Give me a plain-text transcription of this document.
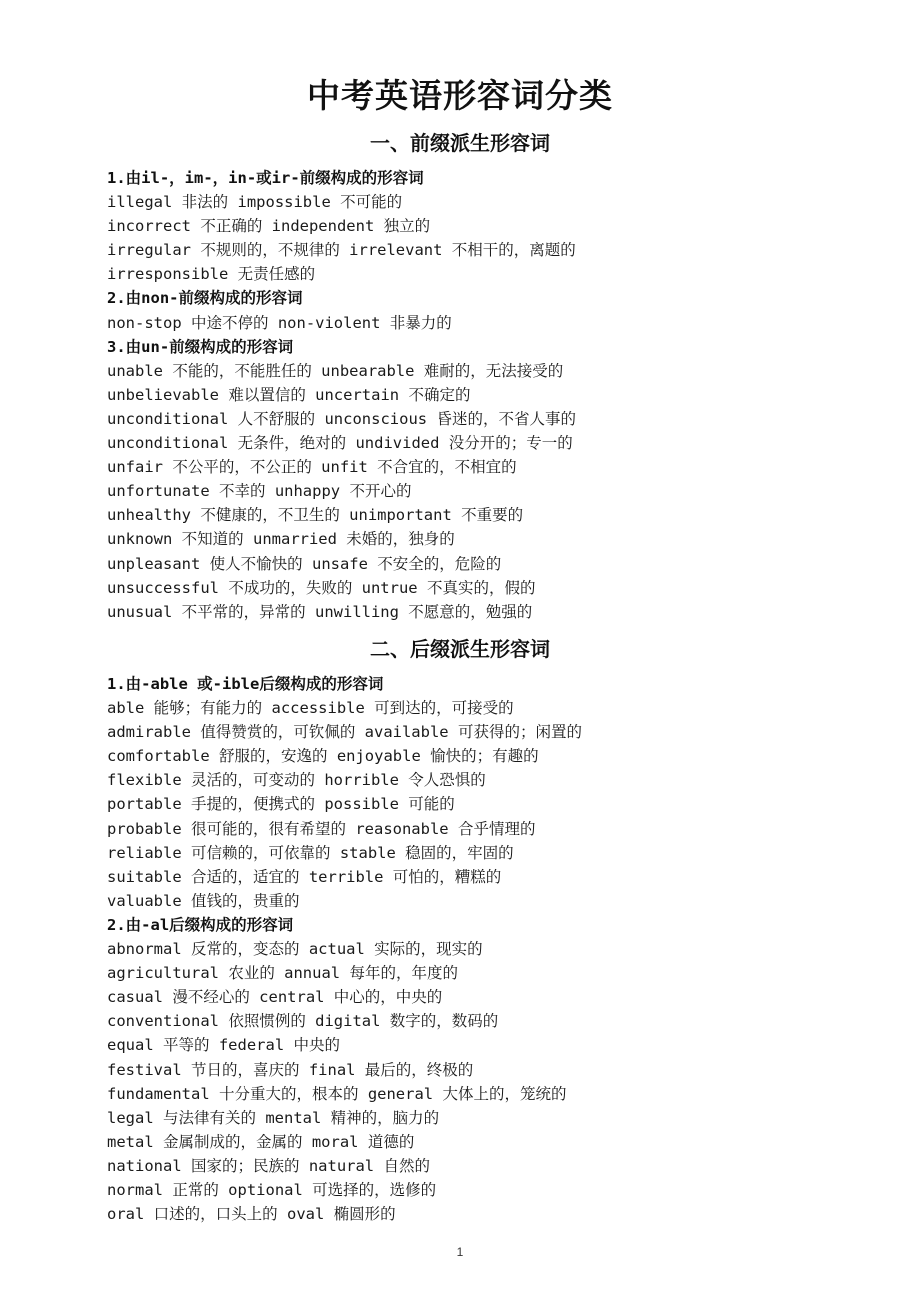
中考英语形容词分类
一、前缀派生形容词
1.由il-，im-，in-或ir-前缀构成的形容词
illegal 非法的 impossible 不可能的
incorrect 不正确的 independent 独立的
irregular 不规则的，不规律的 irrelevant 不相干的，离题的
irresponsible 无责任感的
2.由non-前缀构成的形容词
non-stop 中途不停的 non-violent 非暴力的
3.由un-前缀构成的形容词
unable 不能的，不能胜任的 unbearable 难耐的，无法接受的
unbelievable 难以置信的 uncertain 不确定的
unconditional 人不舒服的 unconscious 昏迷的，不省人事的
unconditional 无条件，绝对的 undivided 没分开的；专一的
unfair 不公平的，不公正的 unfit 不合宜的，不相宜的
unfortunate 不幸的 unhappy 不开心的
unhealthy 不健康的，不卫生的 unimportant 不重要的
unknown 不知道的 unmarried 未婚的，独身的
unpleasant 使人不愉快的 unsafe 不安全的，危险的
unsuccessful 不成功的，失败的 untrue 不真实的，假的
unusual 不平常的，异常的 unwilling 不愿意的，勉强的
二、后缀派生形容词
1.由-able 或-ible后缀构成的形容词
able 能够；有能力的 accessible 可到达的，可接受的
admirable 值得赞赏的，可钦佩的 available 可获得的；闲置的
comfortable 舒服的，安逸的 enjoyable 愉快的；有趣的
flexible 灵活的，可变动的 horrible 令人恐惧的
portable 手提的，便携式的 possible 可能的
probable 很可能的，很有希望的 reasonable 合乎情理的
reliable 可信赖的，可依靠的 stable 稳固的，牢固的
suitable 合适的，适宜的 terrible 可怕的，糟糕的
valuable 值钱的，贵重的
2.由-al后缀构成的形容词
abnormal 反常的，变态的 actual 实际的，现实的
agricultural 农业的 annual 每年的，年度的
casual 漫不经心的 central 中心的，中央的
conventional 依照惯例的 digital 数字的，数码的
equal 平等的 federal 中央的
festival 节日的，喜庆的 final 最后的，终极的
fundamental 十分重大的，根本的 general 大体上的，笼统的
legal 与法律有关的 mental 精神的，脑力的
metal 金属制成的，金属的 moral 道德的
national 国家的；民族的 natural 自然的
normal 正常的 optional 可选择的，选修的
oral 口述的，口头上的 oval 椭圆形的
1
